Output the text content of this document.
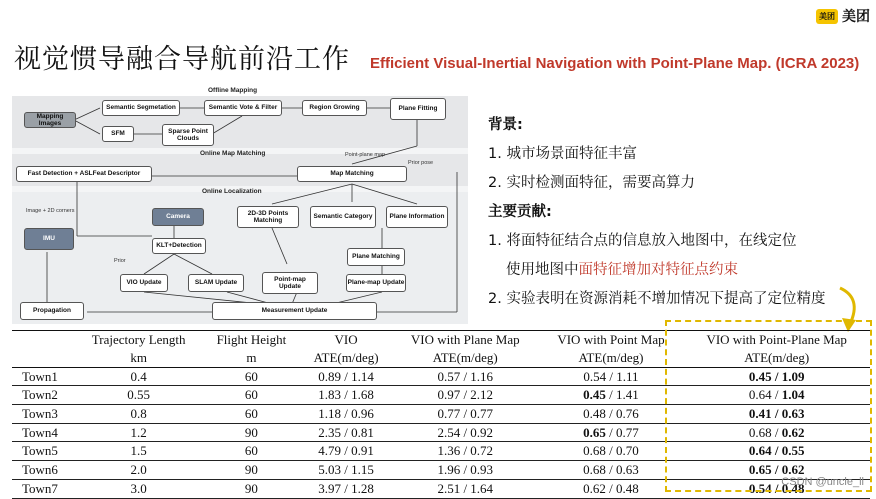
视觉惯导融合导航前沿工作 Efficient Visual-Inertial Navigation with Point-Plane Map. (ICRA 2023)
美团 美团
Offline Mapping
Mapping Images
Semantic Segmetation	Semantic Vote & Filter	Region Growing	Plane Fitting
SFM	Sparse Point Clouds
Online Map Matching	Point-plane map
Prior pose
Fast Detection + ASLFeat Descriptor	Map Matching
Online Localization
Image + 2D corners
Camera
IMU
KLT+Detection
2D-3D Points Matching
Semantic Category	Plane Information
Plane Matching
Prior
VIO Update	SLAM Update
Point-map Update
Plane-map Update
Propagation	Measurement Update
背景:
1. 城市场景面特征丰富
2. 实时检测面特征，需要高算力
主要贡献:
1. 将面特征结合点的信息放入地图中，在线定位
使用地图中面特征增加对特征点约束
2. 实验表明在资源消耗不增加情况下提高了定位精度
	Trajectory Length	Flight Height	VIO	VIO with Plane Map	VIO with Point Map	VIO with Point-Plane Map
	km	m	ATE(m/deg)	ATE(m/deg)	ATE(m/deg)	ATE(m/deg)
Town1	0.4	60	0.89 / 1.14	0.57 / 1.16	0.54 / 1.11	0.45 / 1.09
Town2	0.55	60	1.83 / 1.68	0.97 / 2.12	0.45 / 1.41	0.64 / 1.04
Town3	0.8	60	1.18 / 0.96	0.77 / 0.77	0.48 / 0.76	0.41 / 0.63
Town4	1.2	90	2.35 / 0.81	2.54 / 0.92	0.65 / 0.77	0.68 / 0.62
Town5	1.5	60	4.79 / 0.91	1.36 / 0.72	0.68 / 0.70	0.64 / 0.55
Town6	2.0	90	5.03 / 1.15	1.96 / 0.93	0.68 / 0.63	0.65 / 0.62
Town7	3.0	90	3.97 / 1.28	2.51 / 1.64	0.62 / 0.48	0.54 / 0.48
CSDN @uncle_ll
